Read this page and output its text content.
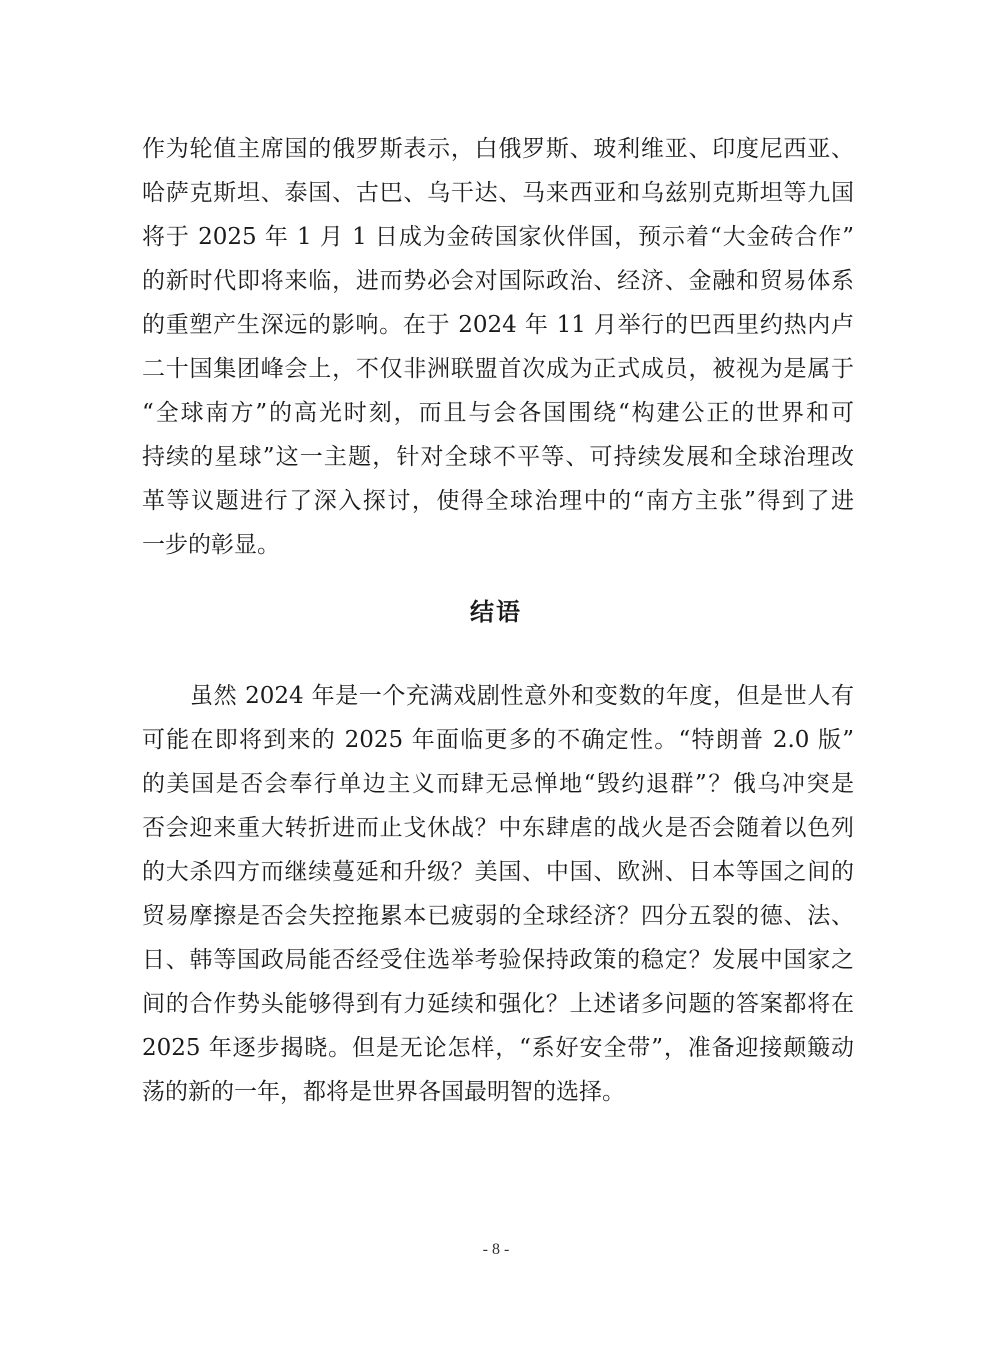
作为轮值主席国的俄罗斯表示，白俄罗斯、玻利维亚、印度尼西亚、
哈萨克斯坦、泰国、古巴、乌干达、马来西亚和乌兹别克斯坦等九国
将于 2025 年 1 月 1 日成为金砖国家伙伴国，预示着“大金砖合作”
的新时代即将来临，进而势必会对国际政治、经济、金融和贸易体系
的重塑产生深远的影响。在于 2024 年 11 月举行的巴西里约热内卢
二十国集团峰会上，不仅非洲联盟首次成为正式成员，被视为是属于
“全球南方”的高光时刻，而且与会各国围绕“构建公正的世界和可
持续的星球”这一主题，针对全球不平等、可持续发展和全球治理改
革等议题进行了深入探讨，使得全球治理中的“南方主张”得到了进
一步的彰显。
结语
虽然 2024 年是一个充满戏剧性意外和变数的年度，但是世人有
可能在即将到来的 2025 年面临更多的不确定性。“特朗普 2.0 版”
的美国是否会奉行单边主义而肆无忌惮地“毁约退群”？俄乌冲突是
否会迎来重大转折进而止戈休战？中东肆虐的战火是否会随着以色列
的大杀四方而继续蔓延和升级？美国、中国、欧洲、日本等国之间的
贸易摩擦是否会失控拖累本已疲弱的全球经济？四分五裂的德、法、
日、韩等国政局能否经受住选举考验保持政策的稳定？发展中国家之
间的合作势头能够得到有力延续和强化？上述诸多问题的答案都将在
2025 年逐步揭晓。但是无论怎样，“系好安全带”，准备迎接颠簸动
荡的新的一年，都将是世界各国最明智的选择。
- 8 -
